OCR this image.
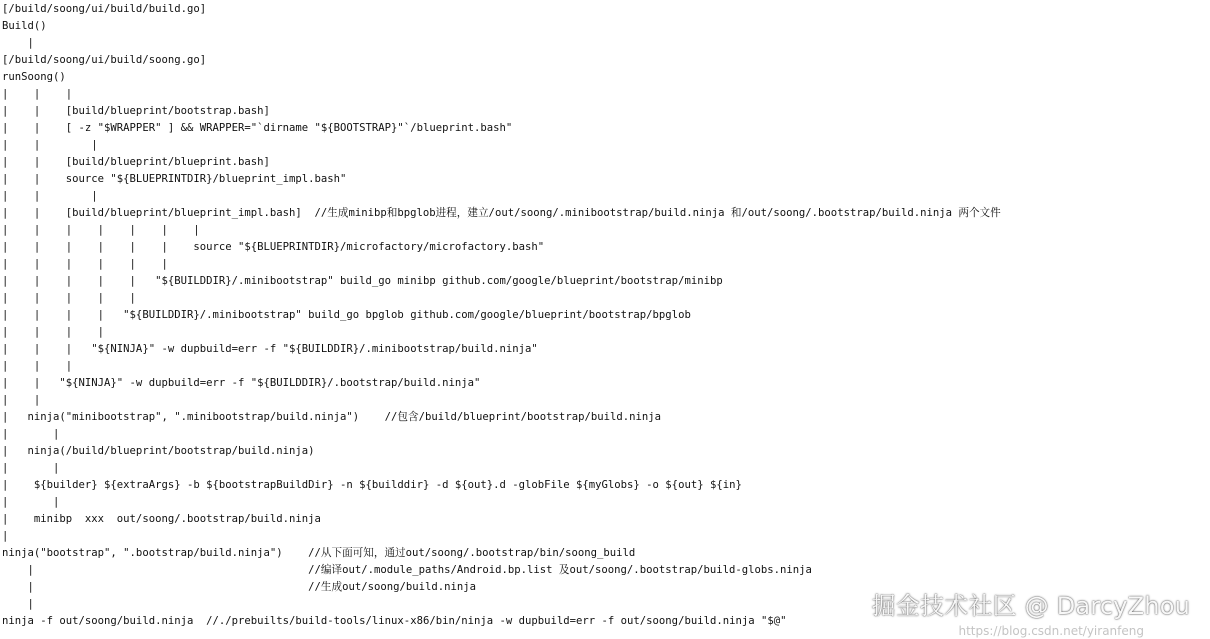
[/build/soong/ui/build/build.go]
Build()
|
[/build/soong/ui/build/soong.go]
runSoong()
|    |    |
|    |    [build/blueprint/bootstrap.bash]
|    |    [ -z "$WRAPPER" ] && WRAPPER="`dirname "${BOOTSTRAP}"`/blueprint.bash"
|    |        |
|    |    [build/blueprint/blueprint.bash]
|    |    source "${BLUEPRINTDIR}/blueprint_impl.bash"
|    |        |
|    |    [build/blueprint/blueprint_impl.bash]  //生成minibp和bpglob进程，建立/out/soong/.minibootstrap/build.ninja 和/out/soong/.bootstrap/build.ninja 两个文件
|    |    |    |    |    |    |
|    |    |    |    |    |    source "${BLUEPRINTDIR}/microfactory/microfactory.bash"
|    |    |    |    |    |
|    |    |    |    |   "${BUILDDIR}/.minibootstrap" build_go minibp github.com/google/blueprint/bootstrap/minibp
|    |    |    |    |
|    |    |    |   "${BUILDDIR}/.minibootstrap" build_go bpglob github.com/google/blueprint/bootstrap/bpglob
|    |    |    |
|    |    |   "${NINJA}" -w dupbuild=err -f "${BUILDDIR}/.minibootstrap/build.ninja"
|    |    |
|    |   "${NINJA}" -w dupbuild=err -f "${BUILDDIR}/.bootstrap/build.ninja"
|    |
|   ninja("minibootstrap", ".minibootstrap/build.ninja")    //包含/build/blueprint/bootstrap/build.ninja
|       |
|   ninja(/build/blueprint/bootstrap/build.ninja)
|       |
|    ${builder} ${extraArgs} -b ${bootstrapBuildDir} -n ${builddir} -d ${out}.d -globFile ${myGlobs} -o ${out} ${in}
|       |
|    minibp  xxx  out/soong/.bootstrap/build.ninja
|
ninja("bootstrap", ".bootstrap/build.ninja")    //从下面可知，通过out/soong/.bootstrap/bin/soong_build
|                                           //编译out/.module_paths/Android.bp.list 及out/soong/.bootstrap/build-globs.ninja
|                                           //生成out/soong/build.ninja
|
ninja -f out/soong/build.ninja  //./prebuilts/build-tools/linux-x86/bin/ninja -w dupbuild=err -f out/soong/build.ninja "$@"
掘金技术社区 @ DarcyZhou
https://blog.csdn.net/yiranfeng
